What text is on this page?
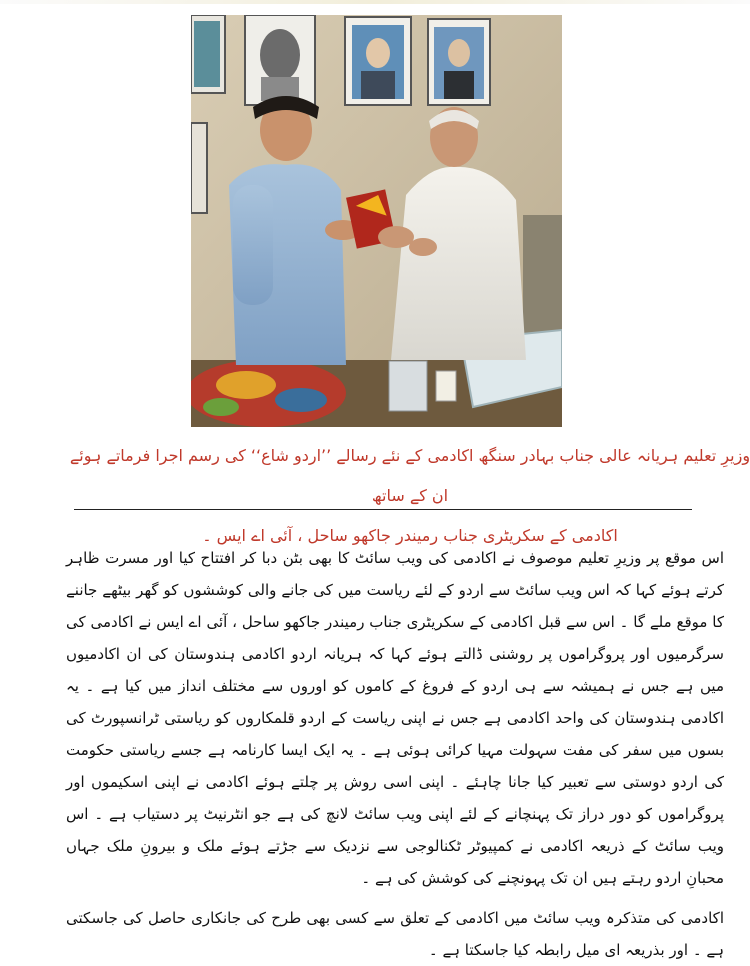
وزیرِ تعلیم ہریانہ عالی جناب بہادر سنگھ اکادمی کے نئے رسالے ’’اردو شاع‘‘ کی رسم اجرا فرماتے ہوئے ان کے ساتھ

اکادمی کے سکریٹری جناب رمیندر جاکھو ساحل ، آئی اے ایس ۔

اس موقع پر وزیرِ تعلیم موصوف نے اکادمی کی ویب سائٹ کا بھی بٹن دبا کر افتتاح کیا اور مسرت ظاہر کرتے ہوئے کہا کہ اس ویب سائٹ سے اردو کے لئے ریاست میں کی جانے والی کوششوں کو گھر بیٹھے جاننے کا موقع ملے گا ۔ اس سے قبل اکادمی کے سکریٹری جناب رمیندر جاکھو ساحل ، آئی اے ایس نے اکادمی کی سرگرمیوں اور پروگراموں پر روشنی ڈالتے ہوئے کہا کہ ہریانہ اردو اکادمی ہندوستان کی ان اکادمیوں میں ہے جس نے ہمیشہ سے ہی اردو کے فروغ کے کاموں کو اوروں سے مختلف انداز میں کیا ہے ۔ یہ اکادمی ہندوستان کی واحد اکادمی ہے جس نے اپنی ریاست کے اردو قلمکاروں کو ریاستی ٹرانسپورٹ کی بسوں میں سفر کی مفت سہولت مہیا کرائی ہوئی ہے ۔ یہ ایک ایسا کارنامہ ہے جسے ریاستی حکومت کی اردو دوستی سے تعبیر کیا جانا چاہئے ۔ اپنی اسی روش پر چلتے ہوئے اکادمی نے اپنی اسکیموں اور پروگراموں کو دور دراز تک پہنچانے کے لئے اپنی ویب سائٹ لانچ کی ہے جو انٹرنیٹ پر دستیاب ہے ۔ اس ویب سائٹ کے ذریعہ اکادمی نے کمپیوٹر ٹکنالوجی سے نزدیک سے جڑتے ہوئے ملک و بیرونِ ملک جہاں محبانِ اردو رہتے ہیں ان تک پہونچنے کی کوشش کی ہے ۔

اکادمی کی متذکرہ ویب سائٹ میں اکادمی کے تعلق سے کسی بھی طرح کی جانکاری حاصل کی جاسکتی ہے ۔ اور بذریعہ ای میل رابطہ کیا جاسکتا ہے ۔
